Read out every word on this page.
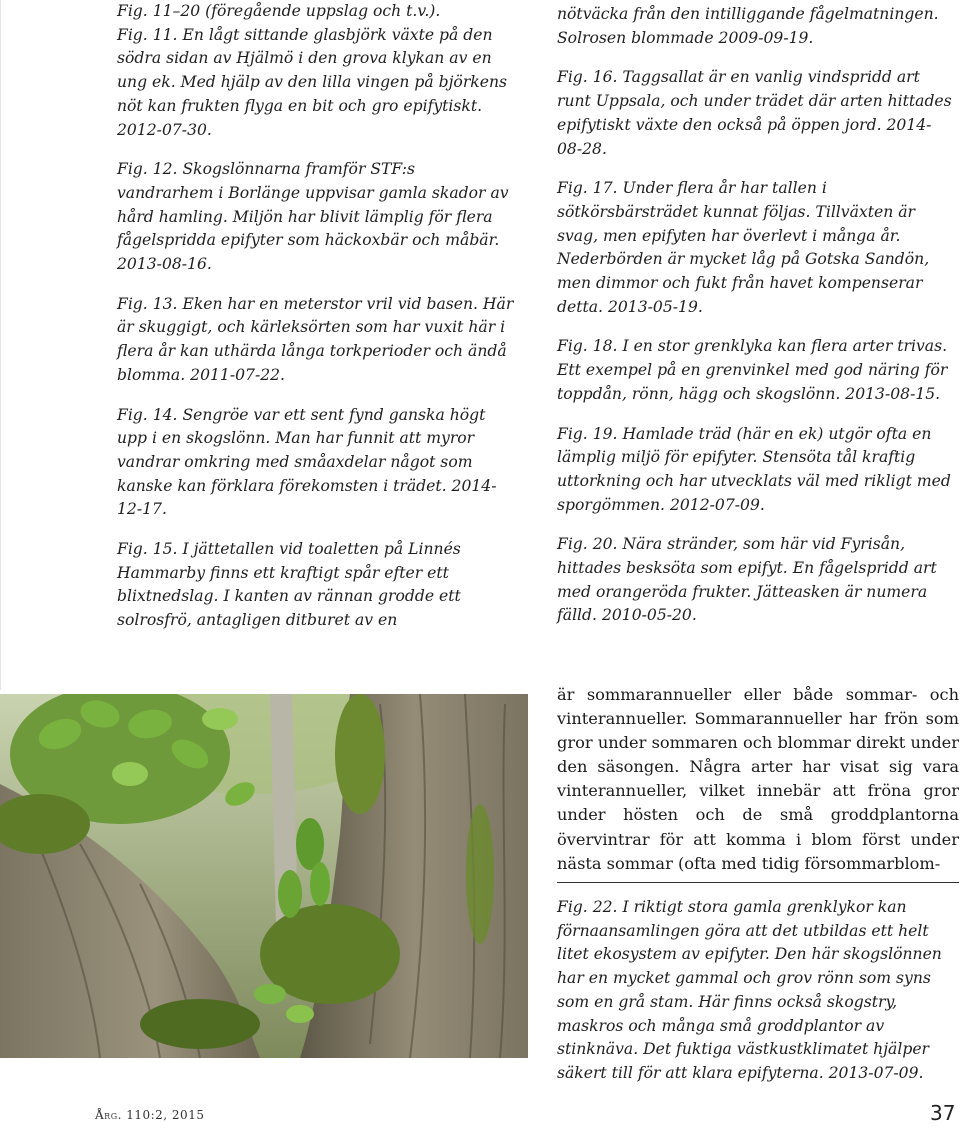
Fig. 11–20 (föregående uppslag och t.v.).

Fig. 11. En lågt sittande glasbjörk växte på den södra sidan av Hjälmö i den grova klykan av en ung ek. Med hjälp av den lilla vingen på björkens nöt kan frukten flyga en bit och gro epifytiskt. 2012-07-30.

Fig. 12. Skogslönnarna framför STF:s vandrarhem i Borlänge uppvisar gamla skador av hård hamling. Miljön har blivit lämplig för flera fågelspridda epifyter som häckoxbär och måbär. 2013-08-16.

Fig. 13. Eken har en meterstor vril vid basen. Här är skuggigt, och kärleksörten som har vuxit här i flera år kan uthärda långa torkperioder och ändå blomma. 2011-07-22.

Fig. 14. Sengröe var ett sent fynd ganska högt upp i en skogslönn. Man har funnit att myror vandrar omkring med småaxdelar något som kanske kan förklara förekomsten i trädet. 2014-12-17.

Fig. 15. I jättetallen vid toaletten på Linnés Hammarby finns ett kraftigt spår efter ett blixtnedslag. I kanten av rännan grodde ett solrosfrö, antagligen ditburet av en

nötväcka från den intilliggande fågelmatningen. Solrosen blommade 2009-09-19.

Fig. 16. Taggsallat är en vanlig vindspridd art runt Uppsala, och under trädet där arten hittades epifytiskt växte den också på öppen jord. 2014-08-28.

Fig. 17. Under flera år har tallen i sötkörsbärsträdet kunnat följas. Tillväxten är svag, men epifyten har överlevt i många år. Nederbörden är mycket låg på Gotska Sandön, men dimmor och fukt från havet kompenserar detta. 2013-05-19.

Fig. 18. I en stor grenklyka kan flera arter trivas. Ett exempel på en grenvinkel med god näring för toppdån, rönn, hägg och skogslönn. 2013-08-15.

Fig. 19. Hamlade träd (här en ek) utgör ofta en lämplig miljö för epifyter. Stensöta tål kraftig uttorkning och har utvecklats väl med rikligt med sporgömmen. 2012-07-09.

Fig. 20. Nära stränder, som här vid Fyrisån, hittades besksöta som epifyt. En fågelspridd art med orangeröda frukter. Jätteasken är numera fälld. 2010-05-20.

är sommarannueller eller både sommar- och vinterannueller. Sommarannueller har frön som gror under sommaren och blommar direkt under den säsongen. Några arter har visat sig vara vinterannueller, vilket innebär att fröna gror under hösten och de små groddplantorna övervintrar för att komma i blom först under nästa sommar (ofta med tidig försommarblom-

Fig. 22. I riktigt stora gamla grenklykor kan förnaansamlingen göra att det utbildas ett helt litet ekosystem av epifyter. Den här skogslönnen har en mycket gammal och grov rönn som syns som en grå stam. Här finns också skogstry, maskros och många små groddplantor av stinknäva. Det fuktiga västkustklimatet hjälper säkert till för att klara epifyterna. 2013-07-09.

Årg. 110:2, 2015	37
